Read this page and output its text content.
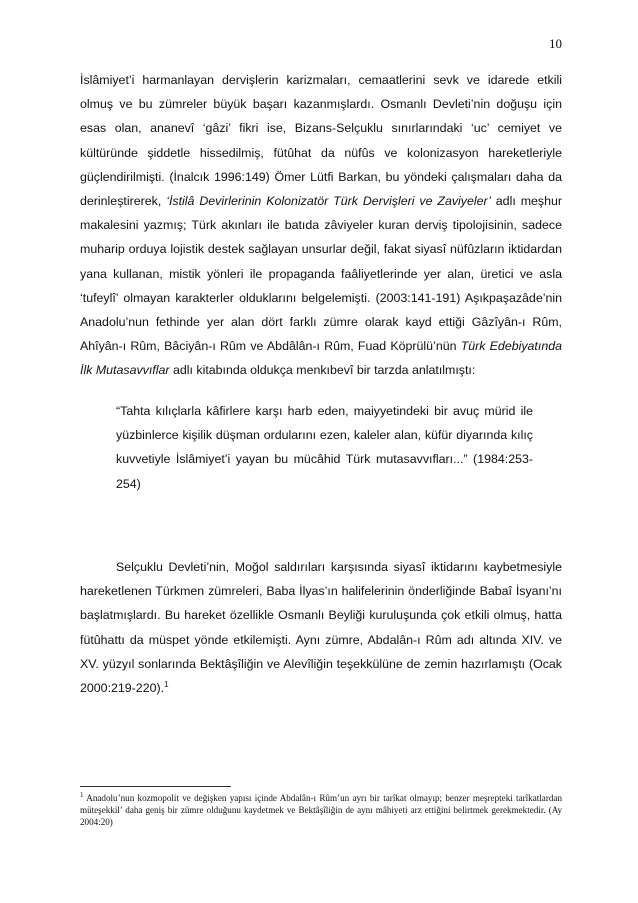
10

İslâmiyet’i harmanlayan dervişlerin karizmaları, cemaatlerini sevk ve idarede etkili olmuş ve bu zümreler büyük başarı kazanmışlardı. Osmanlı Devleti’nin doğuşu için esas olan, ananevî ‘gâzi’ fikri ise, Bizans-Selçuklu sınırlarındaki ‘uc’ cemiyet ve kültüründe şiddetle hissedilmiş, fütûhat da nüfûs ve kolonizasyon hareketleriyle güçlendirilmişti. (İnalcık 1996:149) Ömer Lütfi Barkan, bu yöndeki çalışmaları daha da derinleştirerek, ‘İstilâ Devirlerinin Kolonizatör Türk Dervişleri ve Zaviyeler’ adlı meşhur makalesini yazmış; Türk akınları ile batıda zâviyeler kuran derviş tipolojisinin, sadece muharip orduya lojistik destek sağlayan unsurlar değil, fakat siyasî nüfûzların iktidardan yana kullanan, mistik yönleri ile propaganda faâliyetlerinde yer alan, üretici ve asla ‘tufeylî’ olmayan karakterler olduklarını belgelemişti. (2003:141-191) Aşıkpaşazâde’nin Anadolu’nun fethinde yer alan dört farklı zümre olarak kayd ettiği Gâzîyân-ı Rûm, Ahîyân-ı Rûm, Bâciyân-ı Rûm ve Abdâlân-ı Rûm, Fuad Köprülü’nün Türk Edebiyatında İlk Mutasavvıflar adlı kitabında oldukça menkıbevî bir tarzda anlatılmıştı:

“Tahta kılıçlarla kâfirlere karşı harb eden, maiyyetindeki bir avuç mürid ile yüzbinlerce kişilik düşman ordularını ezen, kaleler alan, küfür diyarında kılıç kuvvetiyle İslâmiyet’i yayan bu mücâhid Türk mutasavvıfları...” (1984:253-254)

Selçuklu Devleti’nin, Moğol saldırıları karşısında siyasî iktidarını kaybetmesiyle hareketlenen Türkmen zümreleri, Baba İlyas’ın halifelerinin önderliğinde Babaî İsyanı’nı başlatmışlardı. Bu hareket özellikle Osmanlı Beyliği kuruluşunda çok etkili olmuş, hatta fütûhattı da müspet yönde etkilemişti. Aynı zümre, Abdalân-ı Rûm adı altında XIV. ve XV. yüzyıl sonlarında Bektâşîliğin ve Alevîliğin teşekkülüne de zemin hazırlamıştı (Ocak 2000:219-220).$^1$

$^1$ Anadolu’nun kozmopolit ve değişken yapısı içinde Abdalân-ı Rûm’un ayrı bir tarîkat olmayıp; benzer meşrepteki tarîkatlardan müteşekkil’ daha geniş bir zümre olduğunu kaydetmek ve Bektâşîliğin de aynı mâhiyeti arz ettiğini belirtmek gerekmektedir. (Ay 2004:20)
